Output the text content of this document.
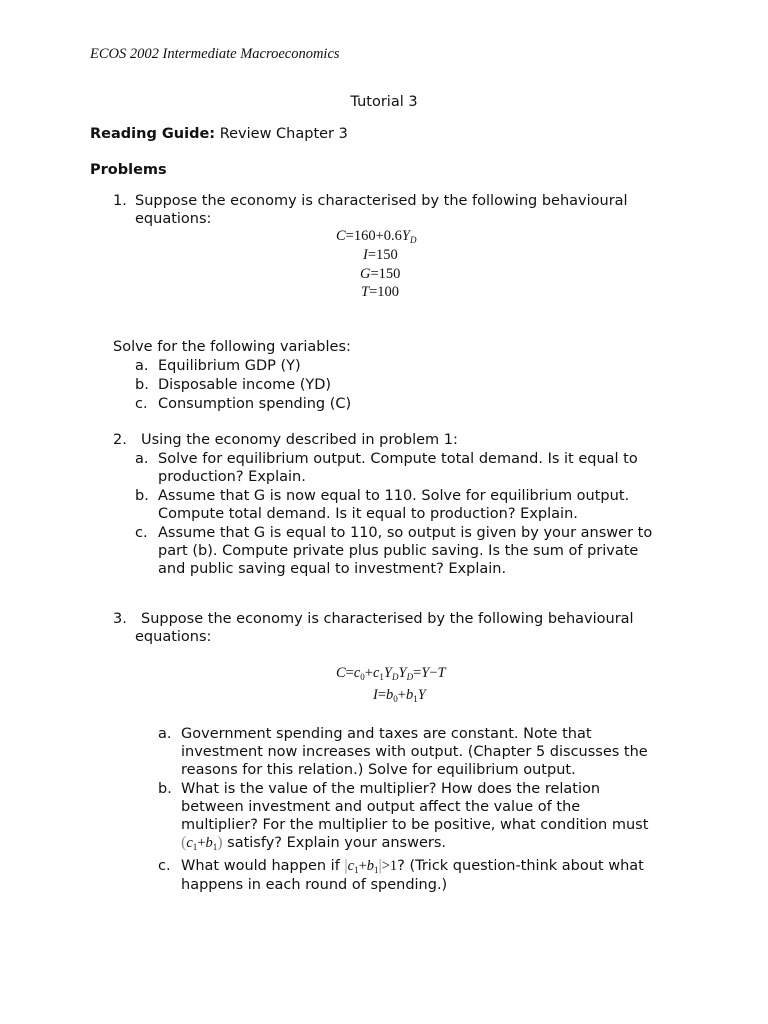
ECOS 2002 Intermediate Macroeconomics
Tutorial 3
Reading Guide: Review Chapter 3
Problems
1. Suppose the economy is characterised by the following behavioural
equations:
$C=160+0.6Y_D$
I=150
G=150
T=100
Solve for the following variables:
a. Equilibrium GDP (Y)
b. Disposable income (YD)
c. Consumption spending (C)
2. Using the economy described in problem 1:
a. Solve for equilibrium output. Compute total demand. Is it equal to
production? Explain.
b. Assume that G is now equal to 110. Solve for equilibrium output.
Compute total demand. Is it equal to production? Explain.
c. Assume that G is equal to 110, so output is given by your answer to
part (b). Compute private plus public saving. Is the sum of private
and public saving equal to investment? Explain.
3. Suppose the economy is characterised by the following behavioural
equations:
$C=c_0+c_1Y_DY_D=Y-T$
$I=b_0+b_1Y$
a. Government spending and taxes are constant. Note that
investment now increases with output. (Chapter 5 discusses the
reasons for this relation.) Solve for equilibrium output.
b. What is the value of the multiplier? How does the relation
between investment and output affect the value of the
multiplier? For the multiplier to be positive, what condition must
$(c_1+b_1)$ satisfy? Explain your answers.
c. What would happen if $|c_1+b_1|>1$? (Trick question-think about what
happens in each round of spending.)
